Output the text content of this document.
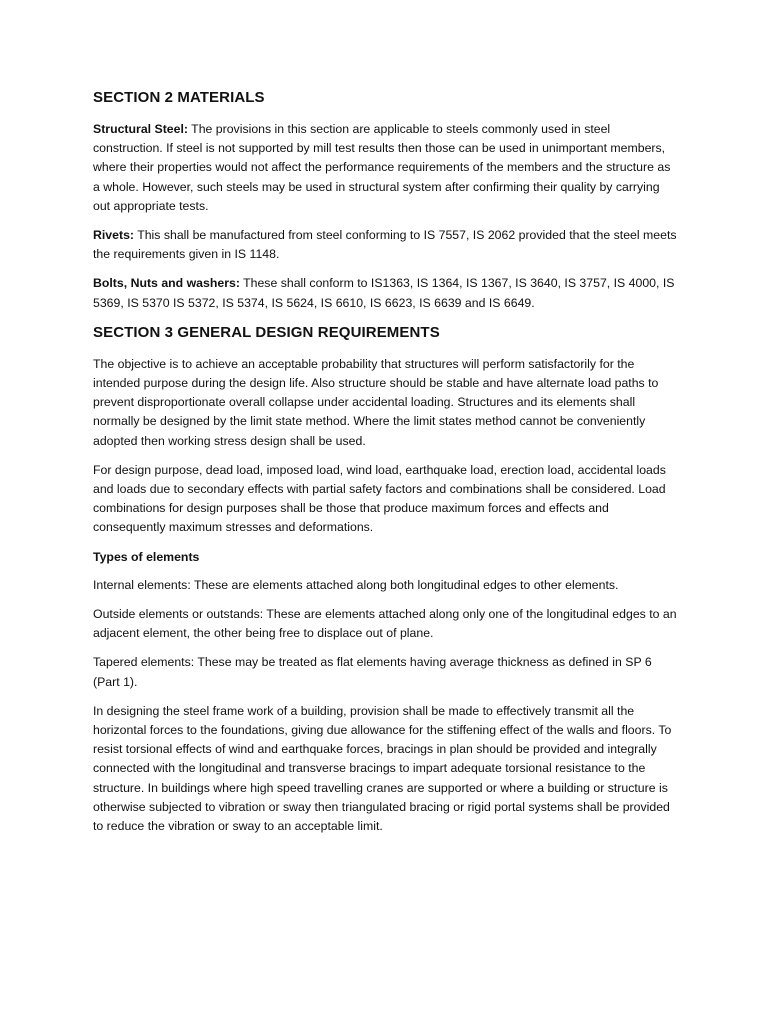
SECTION 2 MATERIALS

Structural Steel: The provisions in this section are applicable to steels commonly used in steel construction. If steel is not supported by mill test results then those can be used in unimportant members, where their properties would not affect the performance requirements of the members and the structure as a whole. However, such steels may be used in structural system after confirming their quality by carrying out appropriate tests.

Rivets: This shall be manufactured from steel conforming to IS 7557, IS 2062 provided that the steel meets the requirements given in IS 1148.

Bolts, Nuts and washers: These shall conform to IS1363, IS 1364, IS 1367, IS 3640, IS 3757, IS 4000, IS 5369, IS 5370 IS 5372, IS 5374, IS 5624, IS 6610, IS 6623, IS 6639 and IS 6649.

SECTION 3 GENERAL DESIGN REQUIREMENTS

The objective is to achieve an acceptable probability that structures will perform satisfactorily for the intended purpose during the design life. Also structure should be stable and have alternate load paths to prevent disproportionate overall collapse under accidental loading. Structures and its elements shall normally be designed by the limit state method. Where the limit states method cannot be conveniently adopted then working stress design shall be used.

For design purpose, dead load, imposed load, wind load, earthquake load, erection load, accidental loads and loads due to secondary effects with partial safety factors and combinations shall be considered. Load combinations for design purposes shall be those that produce maximum forces and effects and consequently maximum stresses and deformations.

Types of elements

Internal elements: These are elements attached along both longitudinal edges to other elements.

Outside elements or outstands: These are elements attached along only one of the longitudinal edges to an adjacent element, the other being free to displace out of plane.

Tapered elements: These may be treated as flat elements having average thickness as defined in SP 6 (Part 1).

In designing the steel frame work of a building, provision shall be made to effectively transmit all the horizontal forces to the foundations, giving due allowance for the stiffening effect of the walls and floors. To resist torsional effects of wind and earthquake forces, bracings in plan should be provided and integrally connected with the longitudinal and transverse bracings to impart adequate torsional resistance to the structure. In buildings where high speed travelling cranes are supported or where a building or structure is otherwise subjected to vibration or sway then triangulated bracing or rigid portal systems shall be provided to reduce the vibration or sway to an acceptable limit.
